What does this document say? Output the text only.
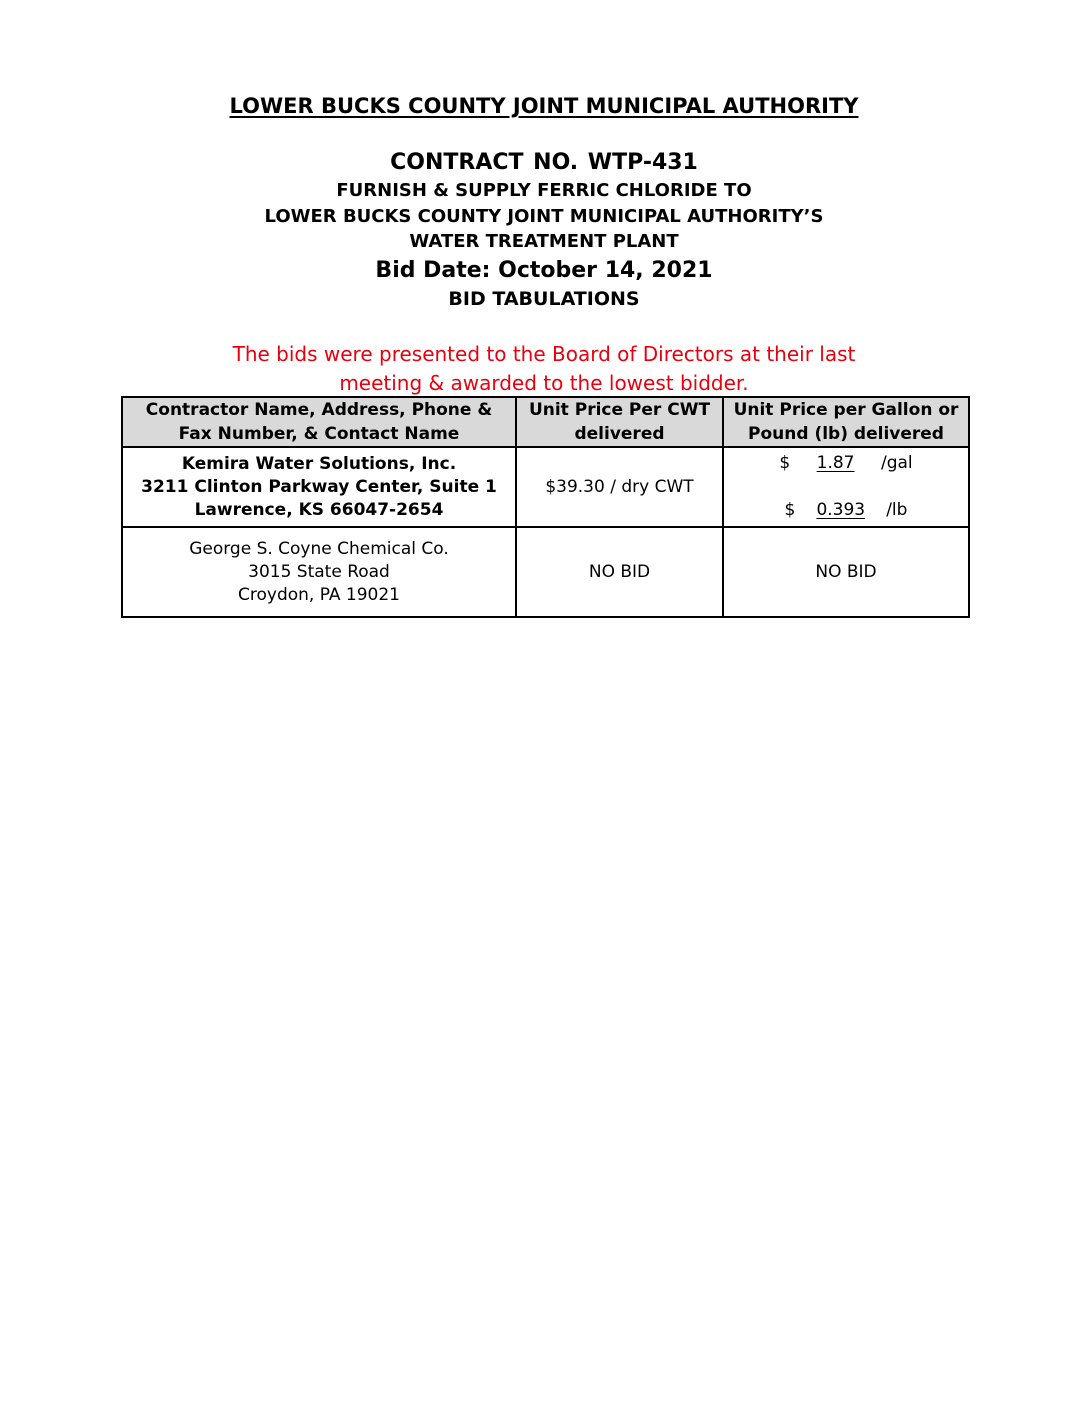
LOWER BUCKS COUNTY JOINT MUNICIPAL AUTHORITY
CONTRACT NO. WTP-431
FURNISH & SUPPLY FERRIC CHLORIDE TO
LOWER BUCKS COUNTY JOINT MUNICIPAL AUTHORITY’S
WATER TREATMENT PLANT
Bid Date: October 14, 2021
BID TABULATIONS
The bids were presented to the Board of Directors at their last
meeting & awarded to the lowest bidder.
Contractor Name, Address, Phone &
Fax Number, & Contact Name	Unit Price Per CWT
delivered	Unit Price per Gallon or
Pound (lb) delivered

Kemira Water Solutions, Inc.
3211 Clinton Parkway Center, Suite 1
Lawrence, KS 66047-2654	$39.30 / dry CWT	$ 1.87 /gal
$ 0.393 /lb

George S. Coyne Chemical Co.
3015 State Road
Croydon, PA 19021	NO BID	NO BID
